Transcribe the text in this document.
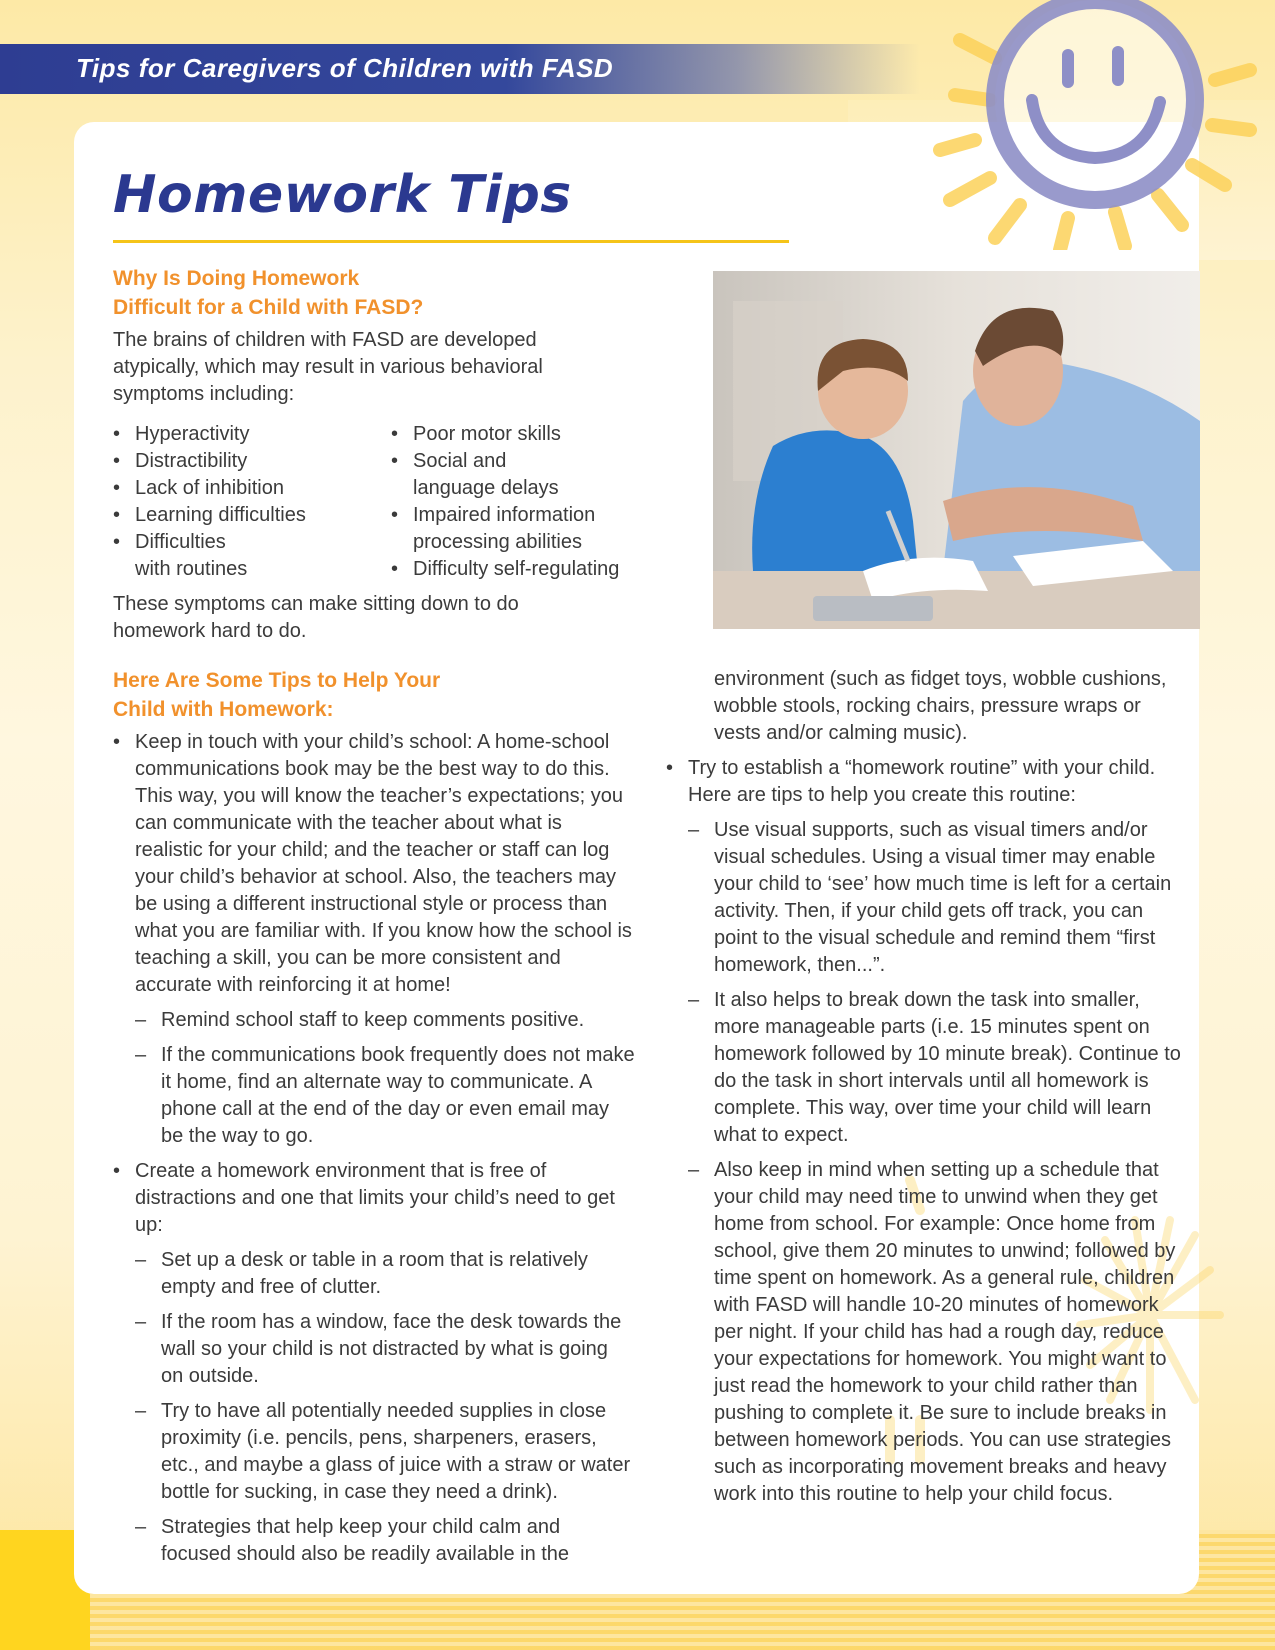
Tips for Caregivers of Children with FASD
Homework Tips
Why Is Doing Homework
Difficult for a Child with FASD?

The brains of children with FASD are developed atypically, which may result in various behavioral symptoms including:

• Hyperactivity
• Distractibility
• Lack of inhibition
• Learning difficulties
• Difficulties with routines
• Poor motor skills
• Social and language delays
• Impaired information processing abilities
• Difficulty self-regulating

These symptoms can make sitting down to do homework hard to do.

Here Are Some Tips to Help Your
Child with Homework:

• Keep in touch with your child’s school: A home-school communications book may be the best way to do this. This way, you will know the teacher’s expectations; you can communicate with the teacher about what is realistic for your child; and the teacher or staff can log your child’s behavior at school. Also, the teachers may be using a different instructional style or process than what you are familiar with. If you know how the school is teaching a skill, you can be more consistent and accurate with reinforcing it at home!

– Remind school staff to keep comments positive.

– If the communications book frequently does not make it home, find an alternate way to communicate. A phone call at the end of the day or even email may be the way to go.

• Create a homework environment that is free of distractions and one that limits your child’s need to get up:

– Set up a desk or table in a room that is relatively empty and free of clutter.

– If the room has a window, face the desk towards the wall so your child is not distracted by what is going on outside.

– Try to have all potentially needed supplies in close proximity (i.e. pencils, pens, sharpeners, erasers, etc., and maybe a glass of juice with a straw or water bottle for sucking, in case they need a drink).

– Strategies that help keep your child calm and focused should also be readily available in the

environment (such as fidget toys, wobble cushions, wobble stools, rocking chairs, pressure wraps or vests and/or calming music).

• Try to establish a “homework routine” with your child. Here are tips to help you create this routine:

– Use visual supports, such as visual timers and/or visual schedules. Using a visual timer may enable your child to ‘see’ how much time is left for a certain activity. Then, if your child gets off track, you can point to the visual schedule and remind them “first homework, then...”.

– It also helps to break down the task into smaller, more manageable parts (i.e. 15 minutes spent on homework followed by 10 minute break). Continue to do the task in short intervals until all homework is complete. This way, over time your child will learn what to expect.

– Also keep in mind when setting up a schedule that your child may need time to unwind when they get home from school. For example: Once home from school, give them 20 minutes to unwind; followed by time spent on homework. As a general rule, children with FASD will handle 10-20 minutes of homework per night. If your child has had a rough day, reduce your expectations for homework. You might want to just read the homework to your child rather than pushing to complete it. Be sure to include breaks in between homework periods. You can use strategies such as incorporating movement breaks and heavy work into this routine to help your child focus.
